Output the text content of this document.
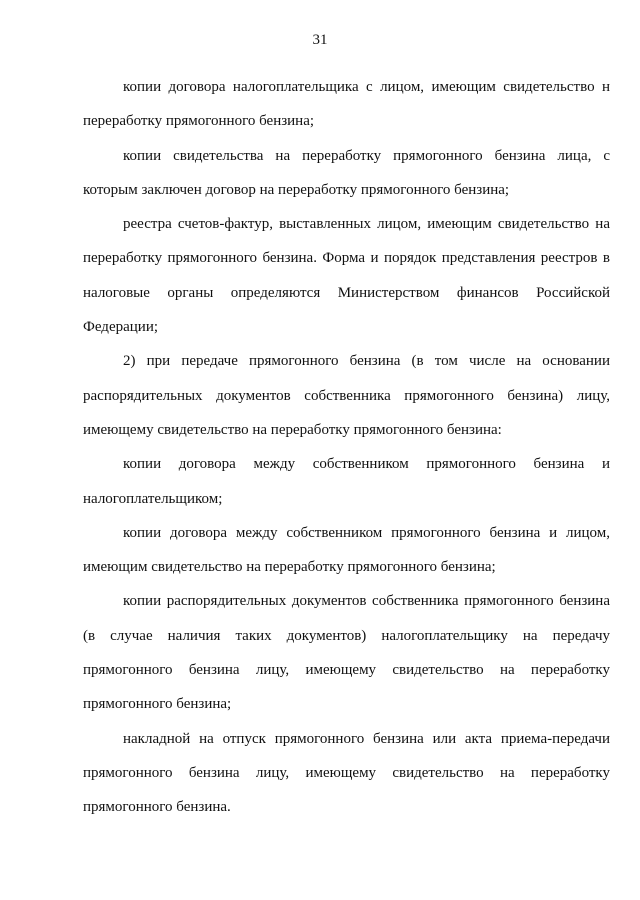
31

копии договора налогоплательщика с лицом, имеющим свидетельство н переработку прямогонного бензина;

копии свидетельства на переработку прямогонного бензина лица, с которым заключен договор на переработку прямогонного бензина;

реестра счетов-фактур, выставленных лицом, имеющим свидетельство на переработку прямогонного бензина. Форма и порядок представления реестров в налоговые органы определяются Министерством финансов Российской Федерации;

2) при передаче прямогонного бензина (в том числе на основании распорядительных документов собственника прямогонного бензина) лицу, имеющему свидетельство на переработку прямогонного бензина:

копии договора между собственником прямогонного бензина и налогоплательщиком;

копии договора между собственником прямогонного бензина и лицом, имеющим свидетельство на переработку прямогонного бензина;

копии распорядительных документов собственника прямогонного бензина (в случае наличия таких документов) налогоплательщику на передачу прямогонного бензина лицу, имеющему свидетельство на переработку прямогонного бензина;

накладной на отпуск прямогонного бензина или акта приема-передачи прямогонного бензина лицу, имеющему свидетельство на переработку прямогонного бензина.
